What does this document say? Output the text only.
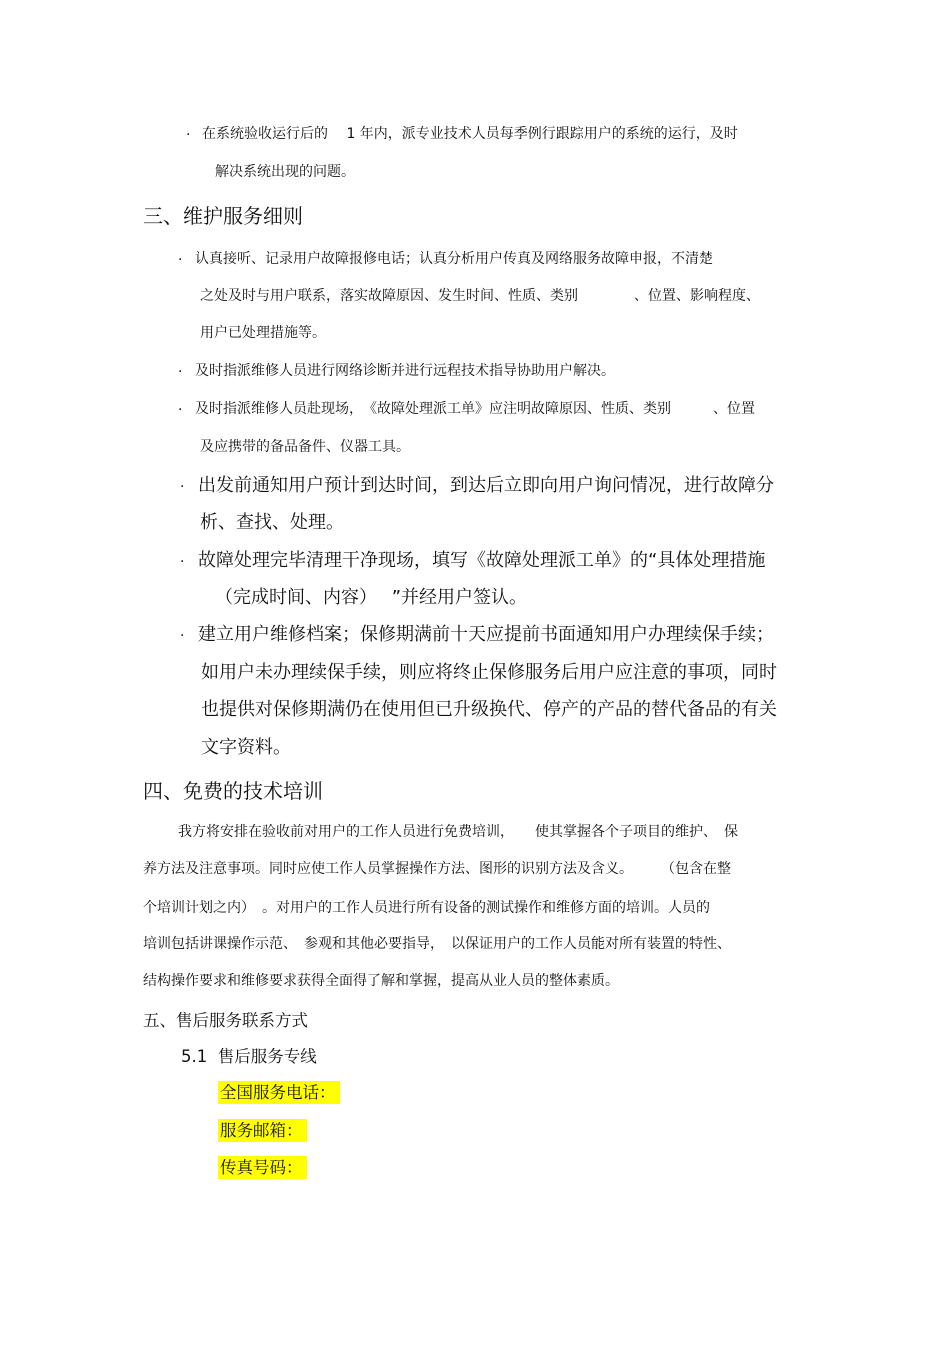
· 在系统验收运行后的　 1 年内，派专业技术人员每季例行跟踪用户的系统的运行，及时
解决系统出现的问题。
三、维护服务细则
· 认真接听、记录用户故障报修电话；认真分析用户传真及网络服务故障申报，不清楚
之处及时与用户联系，落实故障原因、发生时间、性质、类别　　　　、位置、影响程度、
用户已处理措施等。
· 及时指派维修人员进行网络诊断并进行远程技术指导协助用户解决。
· 及时指派维修人员赴现场，　《故障处理派工单》应注明故障原因、性质、类别　　　、位置
及应携带的备品备件、仪器工具。
· 出发前通知用户预计到达时间，到达后立即向用户询问情况，进行故障分
析、查找、处理。
· 故障处理完毕清理干净现场，填写《故障处理派工单》的“具体处理措施
（完成时间、内容）　 ”并经用户签认。
· 建立用户维修档案；保修期满前十天应提前书面通知用户办理续保手续；
如用户未办理续保手续，则应将终止保修服务后用户应注意的事项，同时
也提供对保修期满仍在使用但已升级换代、停产的产品的替代备品的有关
文字资料。
四、免费的技术培训
我方将安排在验收前对用户的工作人员进行免费培训，　　使其掌握各个子项目的维护、　保
养方法及注意事项。同时应使工作人员掌握操作方法、图形的识别方法及含义。　　　（包含在整
个培训计划之内）　。对用户的工作人员进行所有设备的测试操作和维修方面的培训。人员的
培训包括讲课操作示范、　参观和其他必要指导，　以保证用户的工作人员能对所有装置的特性、
结构操作要求和维修要求获得全面得了解和掌握，提高从业人员的整体素质。
五、售后服务联系方式
5.1  售后服务专线
全国服务电话：
服务邮箱：
传真号码：
